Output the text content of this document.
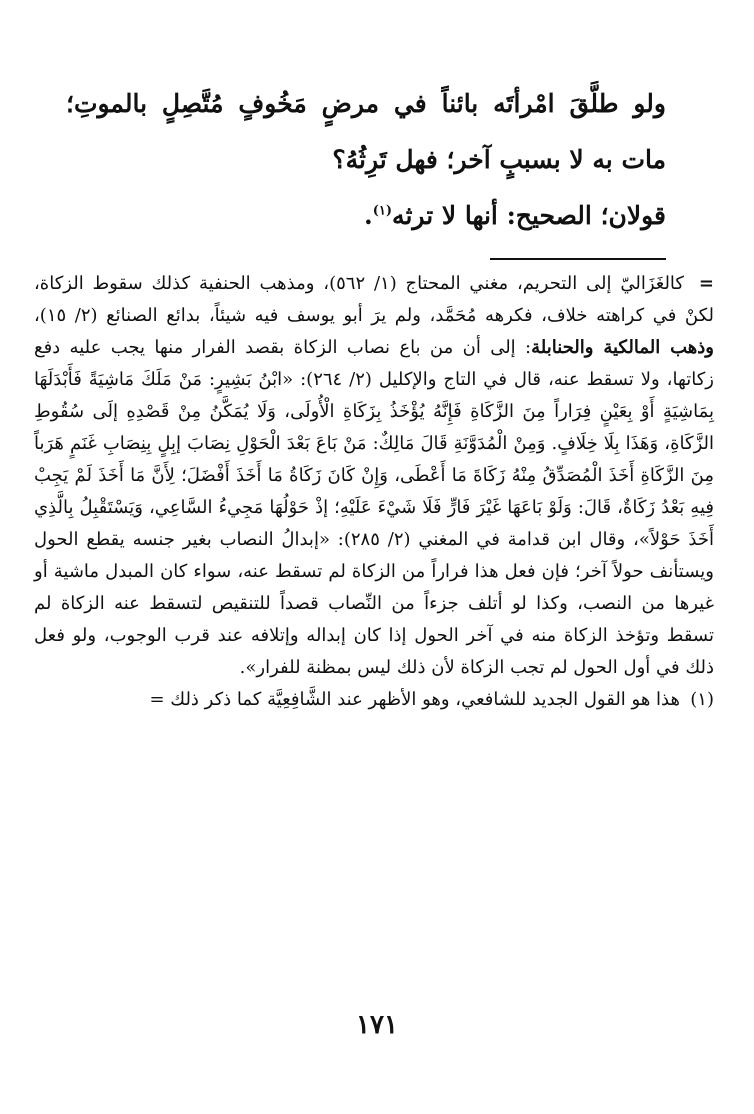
ولو طلَّقَ امْرأتَه بائناً في مرضٍ مَخُوفٍ مُتَّصِلٍ بالموتِ؛ مات به لا بسببٍ آخر؛ فهل تَرِثُهُ؟

قولان؛ الصحيح: أنها لا ترثه$^{(١)}$.

=كالغَزَاليّ إلى التحريم، مغني المحتاج (١/ ٥٦٢)، ومذهب الحنفية كذلك سقوط الزكاة، لكنْ في كراهته خلاف، فكرهه مُحَمَّد، ولم يرَ أبو يوسف فيه شيئاً، بدائع الصنائع (٢/ ١٥)، وذهب المالكية والحنابلة: إلى أن من باع نصاب الزكاة بقصد الفرار منها يجب عليه دفع زكاتها، ولا تسقط عنه، قال في التاج والإكليل (٢/ ٢٦٤): «ابْنُ بَشِيرٍ: مَنْ مَلَكَ مَاشِيَةً فَأَبْدَلَهَا بِمَاشِيَةٍ أَوْ بِعَيْنٍ فِرَاراً مِنَ الزَّكَاةِ فَإِنَّهُ يُؤْخَذُ بِزَكَاةِ الْأُولَى، وَلَا يُمَكَّنُ مِنْ قَصْدِهِ إلَى سُقُوطِ الزَّكَاةِ، وَهَذَا بِلَا خِلَافٍ. وَمِنْ الْمُدَوَّنَةِ قَالَ مَالِكٌ: مَنْ بَاعَ بَعْدَ الْحَوْلِ نِصَابَ إبِلٍ بِنِصَابِ غَنَمٍ هَرَباً مِنَ الزَّكَاةِ أَخَذَ الْمُصَدِّقُ مِنْهُ زَكَاةَ مَا أَعْطَى، وَإِنْ كَانَ زَكَاةُ مَا أَخَذَ أَفْضَلَ؛ لِأَنَّ مَا أَخَذَ لَمْ يَجِبْ فِيهِ بَعْدُ زَكَاةٌ، قَالَ: وَلَوْ بَاعَهَا غَيْرَ فَارٍّ فَلَا شَيْءَ عَلَيْهِ؛ إذْ حَوْلُهَا مَجِيءُ السَّاعِي، وَيَسْتَقْبِلُ بِالَّذِي أَخَذَ حَوْلاً»، وقال ابن قدامة في المغني (٢/ ٢٨٥): «إبدالُ النصاب بغير جنسه يقطع الحول ويستأنف حولاً آخر؛ فإن فعل هذا فراراً من الزكاة لم تسقط عنه، سواء كان المبدل ماشية أو غيرها من النصب، وكذا لو أتلف جزءاً من النِّصاب قصداً للتنقيص لتسقط عنه الزكاة لم تسقط وتؤخذ الزكاة منه في آخر الحول إذا كان إبداله وإتلافه عند قرب الوجوب، ولو فعل ذلك في أول الحول لم تجب الزكاة لأن ذلك ليس بمظنة للفرار».

(١)هذا هو القول الجديد للشافعي، وهو الأظهر عند الشَّافِعِيَّة كما ذكر ذلك =

١٧١
